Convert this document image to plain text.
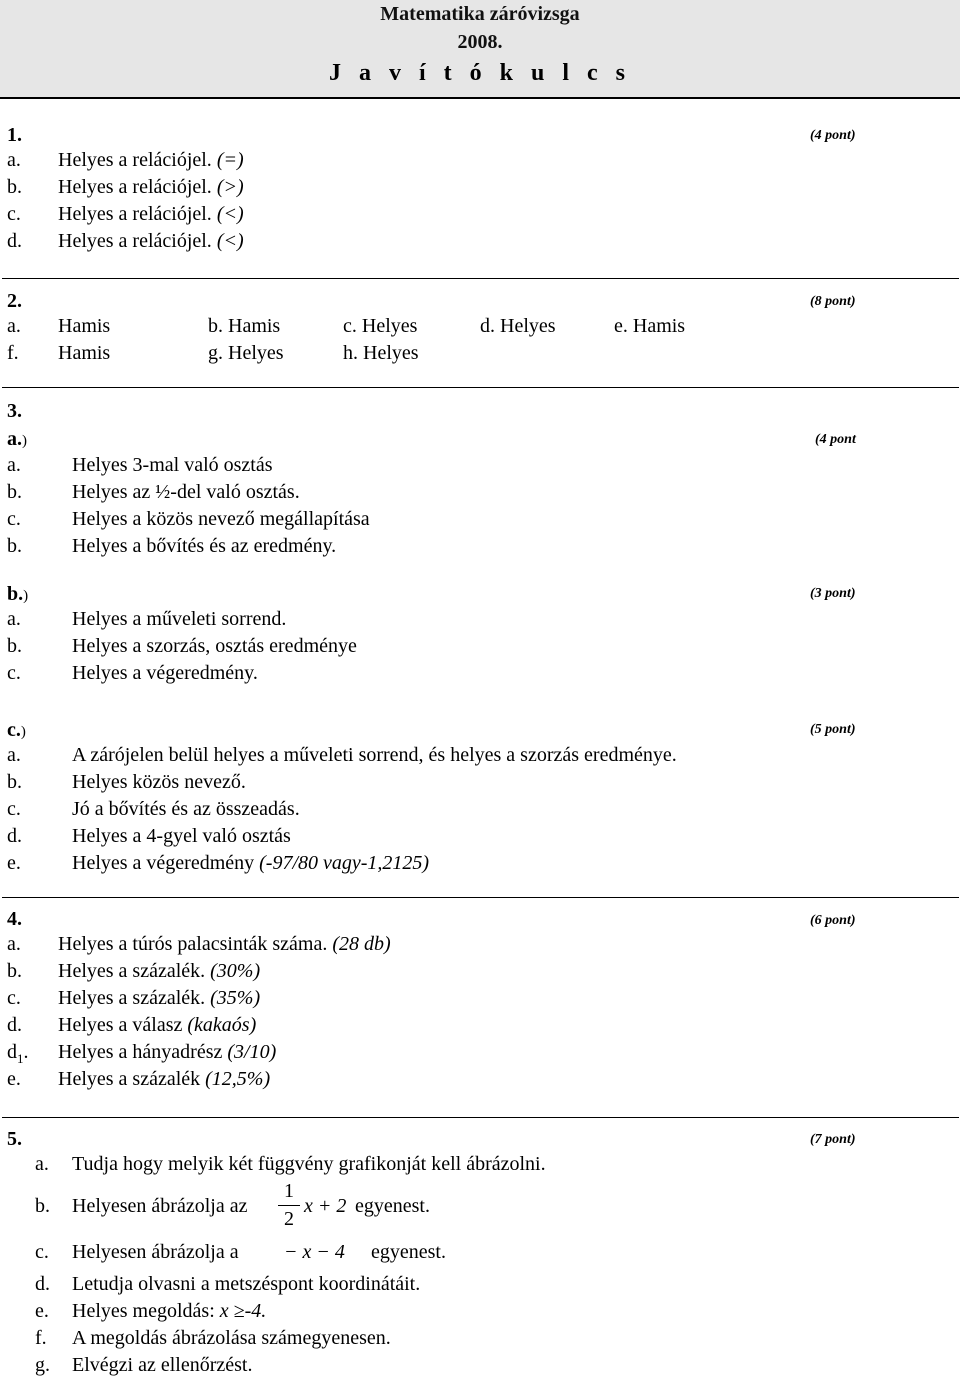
Matematika záróvizsga
2008.
J a v í t ó k u l c s
1.	(4 pont)
a. Helyes a relációjel. (=)
b. Helyes a relációjel. (>)
c. Helyes a relációjel. (<)
d. Helyes a relációjel. (<)
2.	(8 pont)
a. Hamis	b. Hamis	c. Helyes	d. Helyes	e. Hamis
f. Hamis	g. Helyes	h. Helyes
3.
a.)	(4 pont
a.	Helyes 3-mal való osztás
b.	Helyes az ½-del való osztás.
c.	Helyes a közös nevező megállapítása
b.	Helyes a bővítés és az eredmény.
b.)	(3 pont)
a.	Helyes a műveleti sorrend.
b.	Helyes a szorzás, osztás eredménye
c.	Helyes a végeredmény.
c.)	(5 pont)
a.	A zárójelen belül helyes a műveleti sorrend, és helyes a szorzás eredménye.
b.	Helyes közös nevező.
c.	Jó a bővítés és az összeadás.
d.	Helyes a 4-gyel való osztás
e.	Helyes a végeredmény (-97/80 vagy-1,2125)
4.	(6 pont)
a. Helyes a túrós palacsinták száma. (28 db)
b. Helyes a százalék. (30%)
c. Helyes a százalék. (35%)
d. Helyes a válasz (kakaós)
$d_1$. Helyes a hányadrész (3/10)
e. Helyes a százalék (12,5%)
5.	(7 pont)
a. Tudja hogy melyik két függvény grafikonját kell ábrázolni.
b. Helyesen ábrázolja az
1
2
x + 2 egyenest.
c. Helyesen ábrázolja a − x − 4 egyenest.
d. Letudja olvasni a metszéspont koordinátáit.
e. Helyes megoldás: x ≥-4.
f. A megoldás ábrázolása számegyenesen.
g. Elvégzi az ellenőrzést.
